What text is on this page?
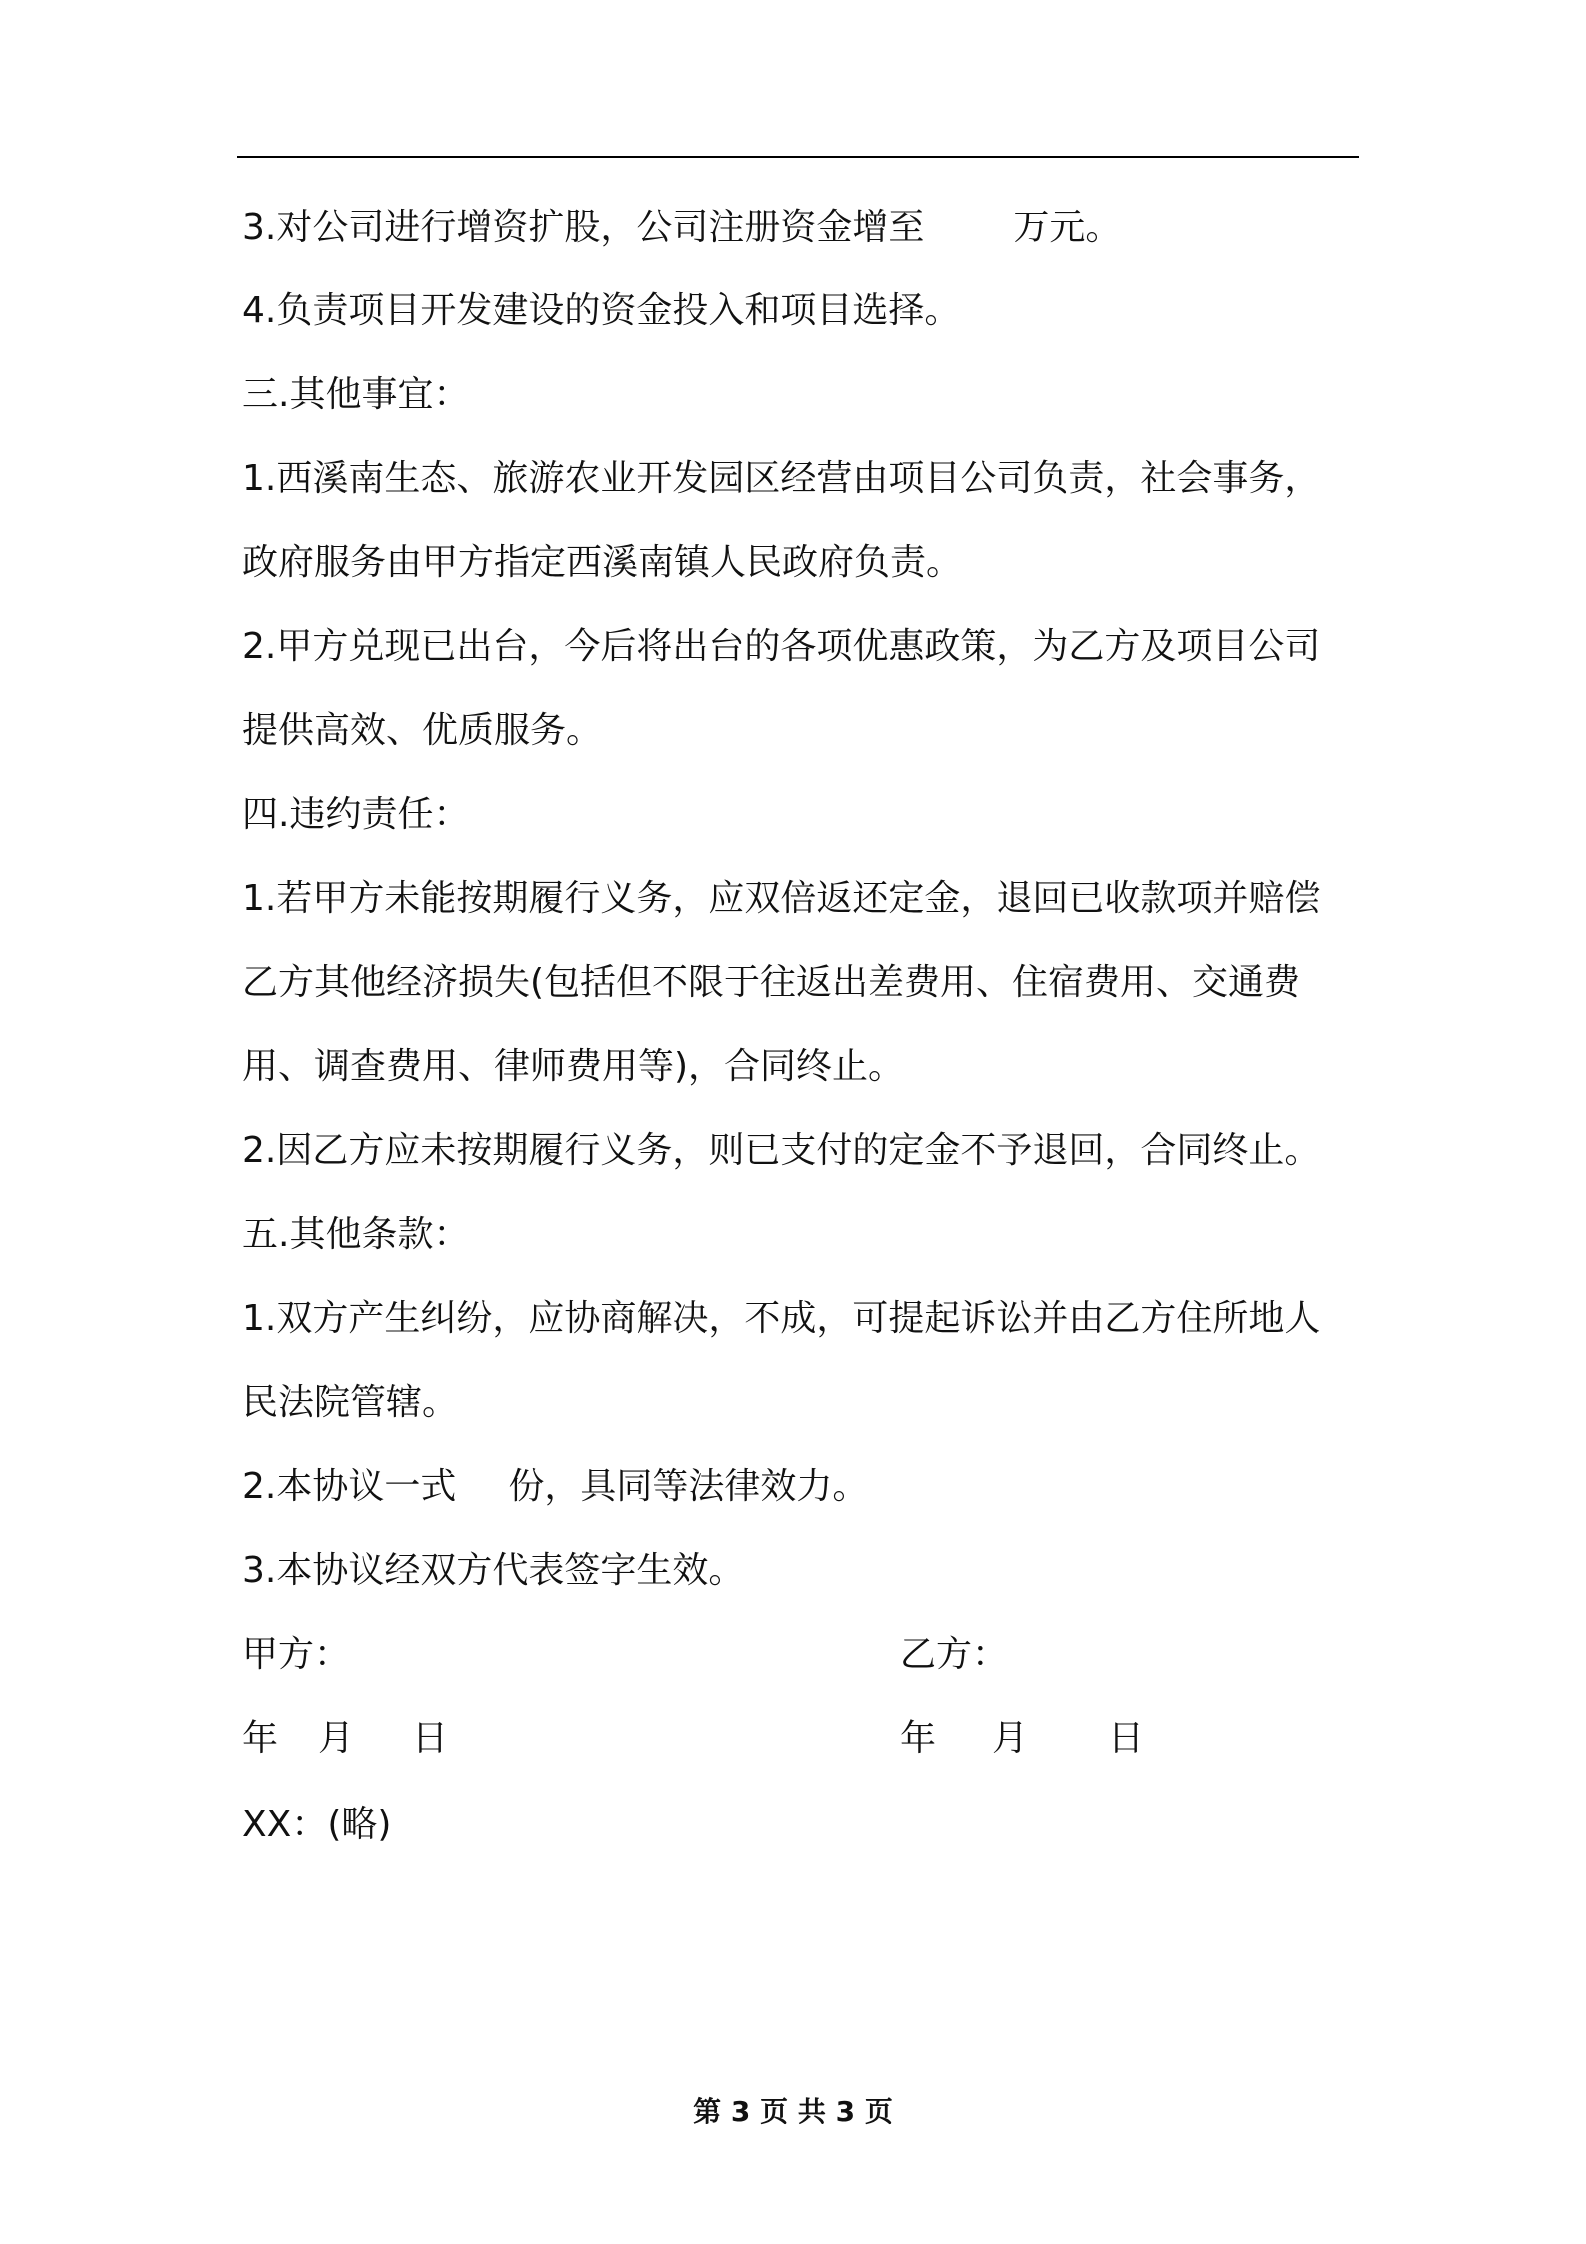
3.对公司进行增资扩股，公司注册资金增至 万元。
4.负责项目开发建设的资金投入和项目选择。
三.其他事宜：
1.西溪南生态、旅游农业开发园区经营由项目公司负责，社会事务，
政府服务由甲方指定西溪南镇人民政府负责。
2.甲方兑现已出台，今后将出台的各项优惠政策，为乙方及项目公司
提供高效、优质服务。
四.违约责任：
1.若甲方未能按期履行义务，应双倍返还定金，退回已收款项并赔偿
乙方其他经济损失(包括但不限于往返出差费用、住宿费用、交通费
用、调查费用、律师费用等)，合同终止。
2.因乙方应未按期履行义务，则已支付的定金不予退回，合同终止。
五.其他条款：
1.双方产生纠纷，应协商解决，不成，可提起诉讼并由乙方住所地人
民法院管辖。
2.本协议一式 份，具同等法律效力。
3.本协议经双方代表签字生效。
甲方：	乙方：
年 月 日	年 月 日
XX：(略)
第 3 页 共 3 页
